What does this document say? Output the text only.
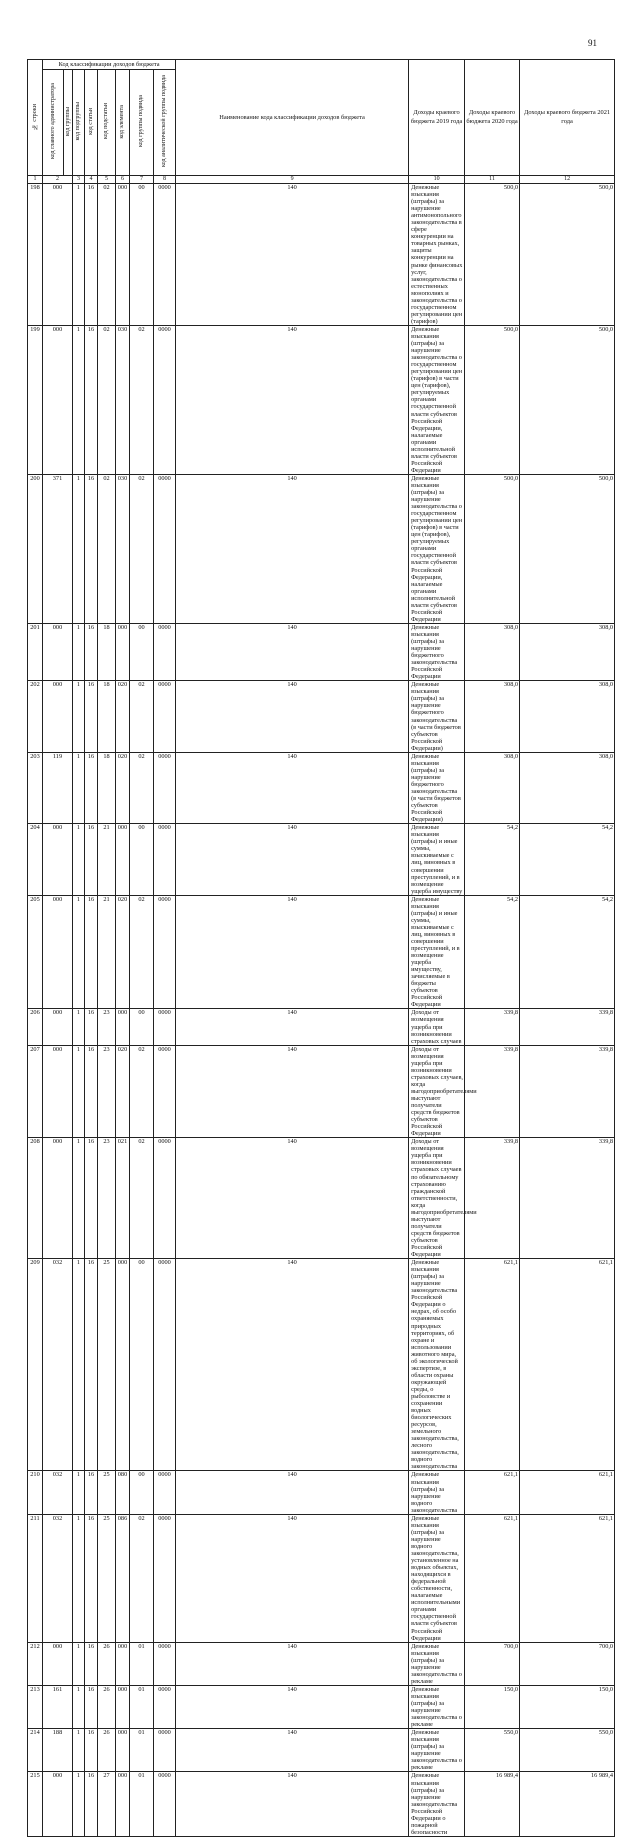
91
№ строки	Код классификации доходов бюджета								Наименование кода классификации доходов бюджета	Доходы краевого бюджета 2019 года	Доходы краевого бюджета 2020 года	Доходы краевого бюджета 2021 года	
	код главного администратора	код группы	код подгруппы	код статьи	код подстатьи	код элемента	код группы подвида	код аналитической группы подвида					
1	2		3	4	5	6	7	8	9	10	11	12	
198	000		1	16	02	000	00	0000	140	Денежные взыскания (штрафы) за нарушение антимонопольного законодательства в сфере конкуренции на товарных рынках, защиты конкуренции на рынке финансовых услуг, законодательства о естественных монополиях и законодательства о государственном регулировании цен (тарифов)	500,0	500,0	
199	000		1	16	02	030	02	0000	140	Денежные взыскания (штрафы) за нарушение законодательства о государственном регулировании цен (тарифов) в части цен (тарифов), регулируемых органами государственной власти субъектов Российской Федерации, налагаемые органами исполнительной власти субъектов Российской Федерации	500,0	500,0	
200	371		1	16	02	030	02	0000	140	Денежные взыскания (штрафы) за нарушение законодательства о государственном регулировании цен (тарифов) в части цен (тарифов), регулируемых органами государственной власти субъектов Российской Федерации, налагаемые органами исполнительной власти субъектов Российской Федерации	500,0	500,0	
201	000		1	16	18	000	00	0000	140	Денежные взыскания (штрафы) за нарушение бюджетного законодательства Российской Федерации	308,0	308,0	
202	000		1	16	18	020	02	0000	140	Денежные взыскания (штрафы) за нарушение бюджетного законодательства (в части бюджетов субъектов Российской Федерации)	308,0	308,0	
203	119		1	16	18	020	02	0000	140	Денежные взыскания (штрафы) за нарушение бюджетного законодательства (в части бюджетов субъектов Российской Федерации)	308,0	308,0	
204	000		1	16	21	000	00	0000	140	Денежные взыскания (штрафы) и иные суммы, взыскиваемые с лиц, виновных в совершении преступлений, и в возмещение ущерба имуществу	54,2	54,2	
205	000		1	16	21	020	02	0000	140	Денежные взыскания (штрафы) и иные суммы, взыскиваемые с лиц, виновных в совершении преступлений, и в возмещение ущерба имуществу, зачисляемые в бюджеты субъектов Российской Федерации	54,2	54,2	
206	000		1	16	23	000	00	0000	140	Доходы от возмещения ущерба при возникновении страховых случаев	339,8	339,8	
207	000		1	16	23	020	02	0000	140	Доходы от возмещения ущерба при возникновении страховых случаев, когда выгодоприобретателями выступают получатели средств бюджетов субъектов Российской Федерации	339,8	339,8	
208	000		1	16	23	021	02	0000	140	Доходы от возмещения ущерба при возникновении страховых случаев по обязательному страхованию гражданской ответственности, когда выгодоприобретателями выступают получатели средств бюджетов субъектов Российской Федерации	339,8	339,8	
209	032		1	16	25	000	00	0000	140	Денежные взыскания (штрафы) за нарушение законодательства Российской Федерации о недрах, об особо охраняемых природных территориях, об охране и использовании животного мира, об экологической экспертизе, в области охраны окружающей среды, о рыболовстве и сохранении водных биологических ресурсов, земельного законодательства, лесного законодательства, водного законодательства	621,1	621,1	
210	032		1	16	25	080	00	0000	140	Денежные взыскания (штрафы) за нарушение водного законодательства	621,1	621,1	
211	032		1	16	25	086	02	0000	140	Денежные взыскания (штрафы) за нарушение водного законодательства, установленное на водных объектах, находящихся в федеральной собственности, налагаемые исполнительными органами государственной власти субъектов Российской Федерации	621,1	621,1	
212	000		1	16	26	000	01	0000	140	Денежные взыскания (штрафы) за нарушение законодательства о рекламе	700,0	700,0	
213	161		1	16	26	000	01	0000	140	Денежные взыскания (штрафы) за нарушение законодательства о рекламе	150,0	150,0	
214	188		1	16	26	000	01	0000	140	Денежные взыскания (штрафы) за нарушение законодательства о рекламе	550,0	550,0	
215	000		1	16	27	000	01	0000	140	Денежные взыскания (штрафы) за нарушение законодательства Российской Федерации о пожарной безопасности	16 989,4	16 989,4	
